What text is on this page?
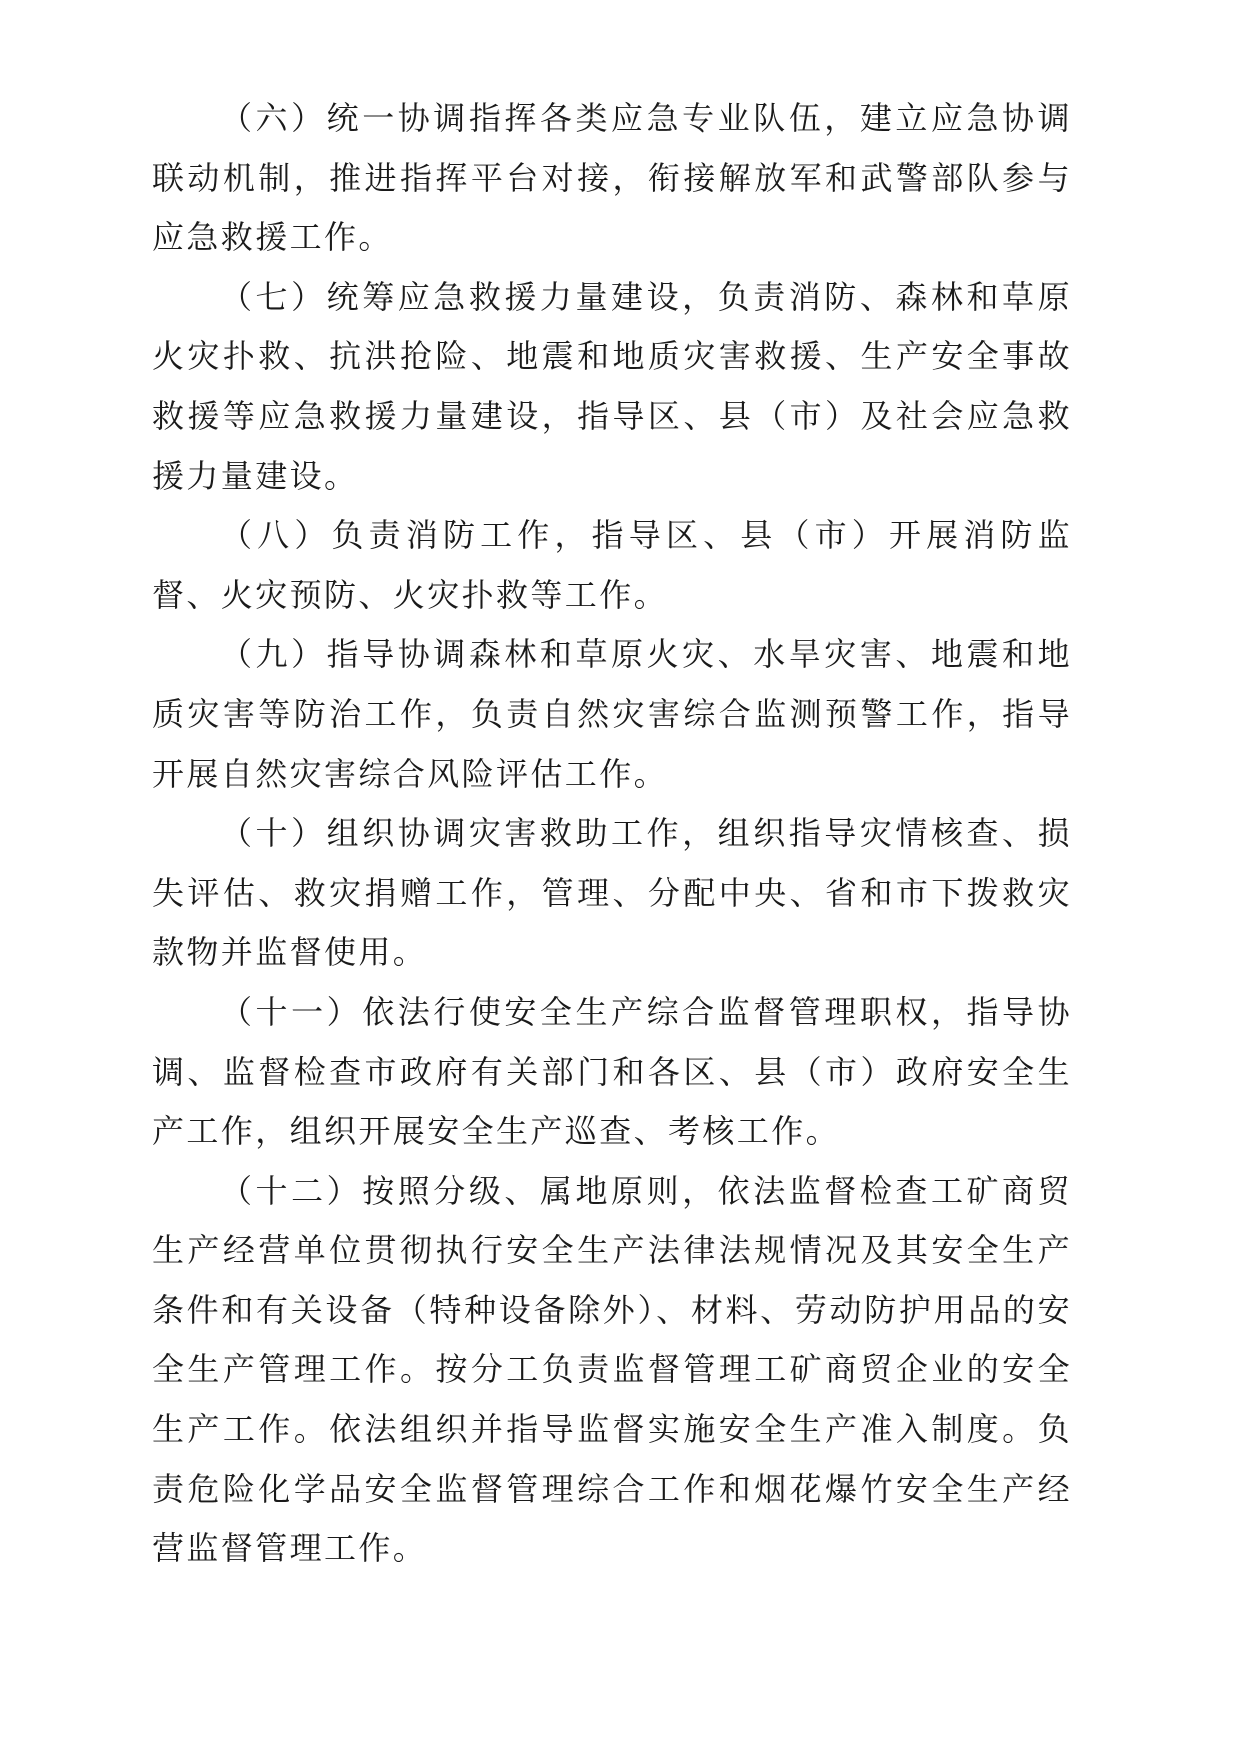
（六）统一协调指挥各类应急专业队伍，建立应急协调联动机制，推进指挥平台对接，衔接解放军和武警部队参与应急救援工作。

（七）统筹应急救援力量建设，负责消防、森林和草原火灾扑救、抗洪抢险、地震和地质灾害救援、生产安全事故救援等应急救援力量建设，指导区、县（市）及社会应急救援力量建设。

（八）负责消防工作，指导区、县（市）开展消防监督、火灾预防、火灾扑救等工作。

（九）指导协调森林和草原火灾、水旱灾害、地震和地质灾害等防治工作，负责自然灾害综合监测预警工作，指导开展自然灾害综合风险评估工作。

（十）组织协调灾害救助工作，组织指导灾情核查、损失评估、救灾捐赠工作，管理、分配中央、省和市下拨救灾款物并监督使用。

（十一）依法行使安全生产综合监督管理职权，指导协调、监督检查市政府有关部门和各区、县（市）政府安全生产工作，组织开展安全生产巡查、考核工作。

（十二）按照分级、属地原则，依法监督检查工矿商贸生产经营单位贯彻执行安全生产法律法规情况及其安全生产条件和有关设备（特种设备除外）、材料、劳动防护用品的安全生产管理工作。按分工负责监督管理工矿商贸企业的安全生产工作。依法组织并指导监督实施安全生产准入制度。负责危险化学品安全监督管理综合工作和烟花爆竹安全生产经营监督管理工作。
